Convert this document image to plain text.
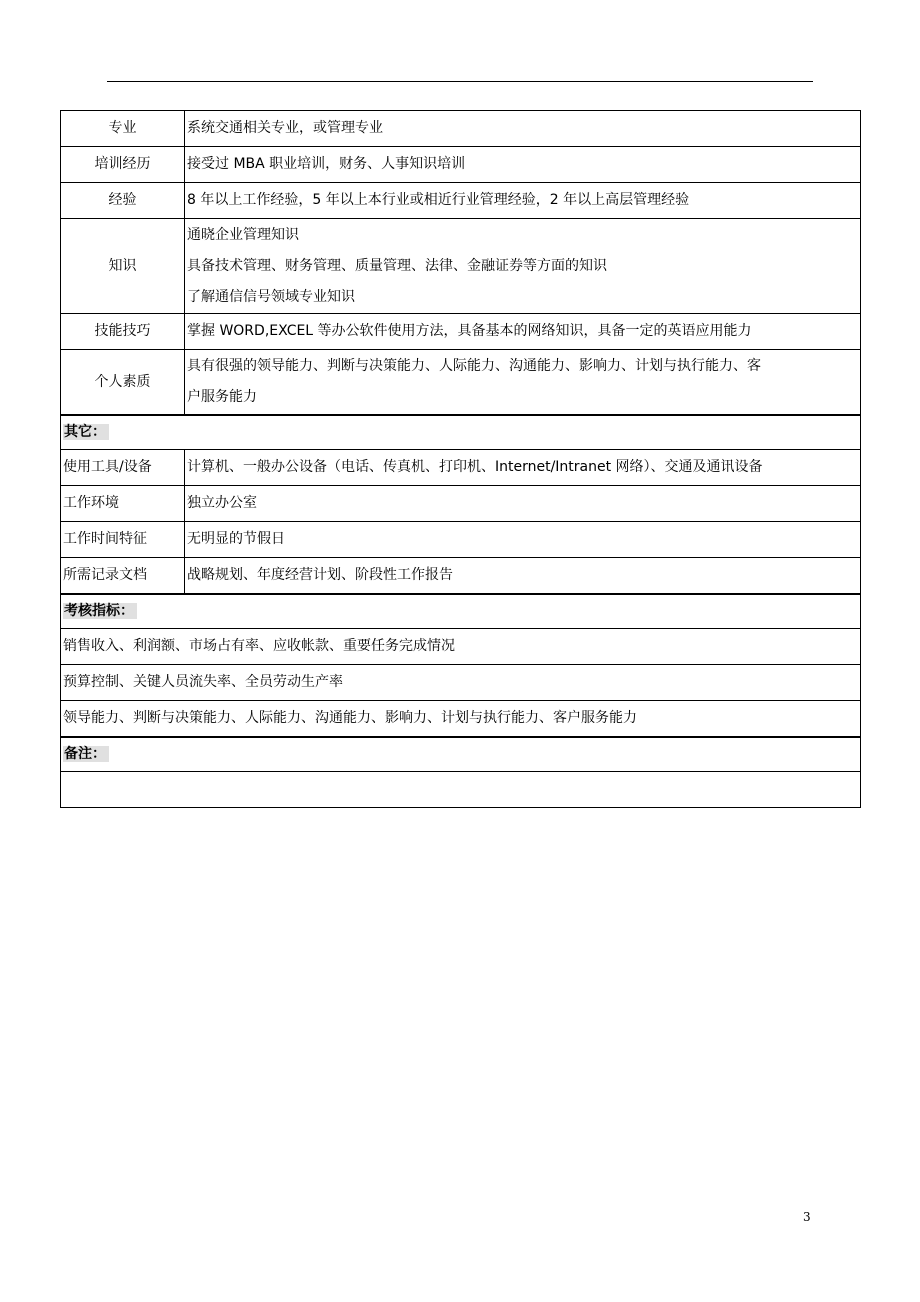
专业	系统交通相关专业，或管理专业

培训经历	接受过 MBA 职业培训，财务、人事知识培训

经验	8 年以上工作经验，5 年以上本行业或相近行业管理经验，2 年以上高层管理经验

知识	通晓企业管理知识
具备技术管理、财务管理、质量管理、法律、金融证券等方面的知识
了解通信信号领域专业知识

技能技巧	掌握 WORD,EXCEL 等办公软件使用方法，具备基本的网络知识，具备一定的英语应用能力

个人素质	具有很强的领导能力、判断与决策能力、人际能力、沟通能力、影响力、计划与执行能力、客
户服务能力

其它：	
使用工具/设备	计算机、一般办公设备（电话、传真机、打印机、Internet/Intranet 网络）、交通及通讯设备
工作环境	独立办公室
工作时间特征	无明显的节假日
所需记录文档	战略规划、年度经营计划、阶段性工作报告
考核指标：	
销售收入、利润额、市场占有率、应收帐款、重要任务完成情况	
预算控制、关键人员流失率、全员劳动生产率	
领导能力、判断与决策能力、人际能力、沟通能力、影响力、计划与执行能力、客户服务能力	
备注：	

3
